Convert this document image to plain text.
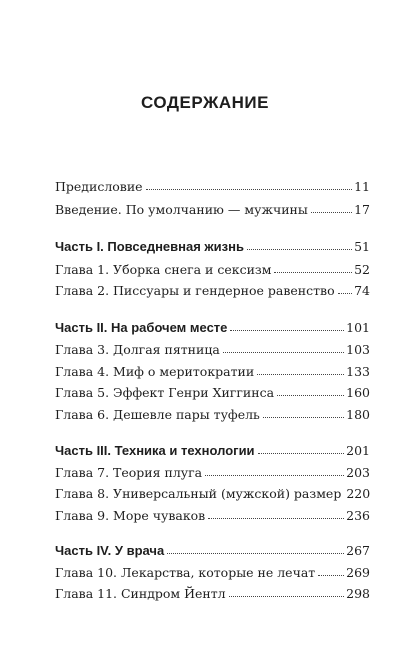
СОДЕРЖАНИЕ
Предисловие	11
Введение. По умолчанию — мужчины	17
Часть I. Повседневная жизнь	51
Глава 1. Уборка снега и сексизм	52
Глава 2. Писсуары и гендерное равенство 74
Часть II. На рабочем месте	101
Глава 3. Долгая пятница	103
Глава 4. Миф о меритократии	133
Глава 5. Эффект Генри Хиггинса	160
Глава 6. Дешевле пары туфель	180
Часть III. Техника и технологии	201
Глава 7. Теория плуга	203
Глава 8. Универсальный (мужской) размер 220
Глава 9. Море чуваков	236
Часть IV. У врача	267
Глава 10. Лекарства, которые не лечат 269
Глава 11. Синдром Йентл	298
